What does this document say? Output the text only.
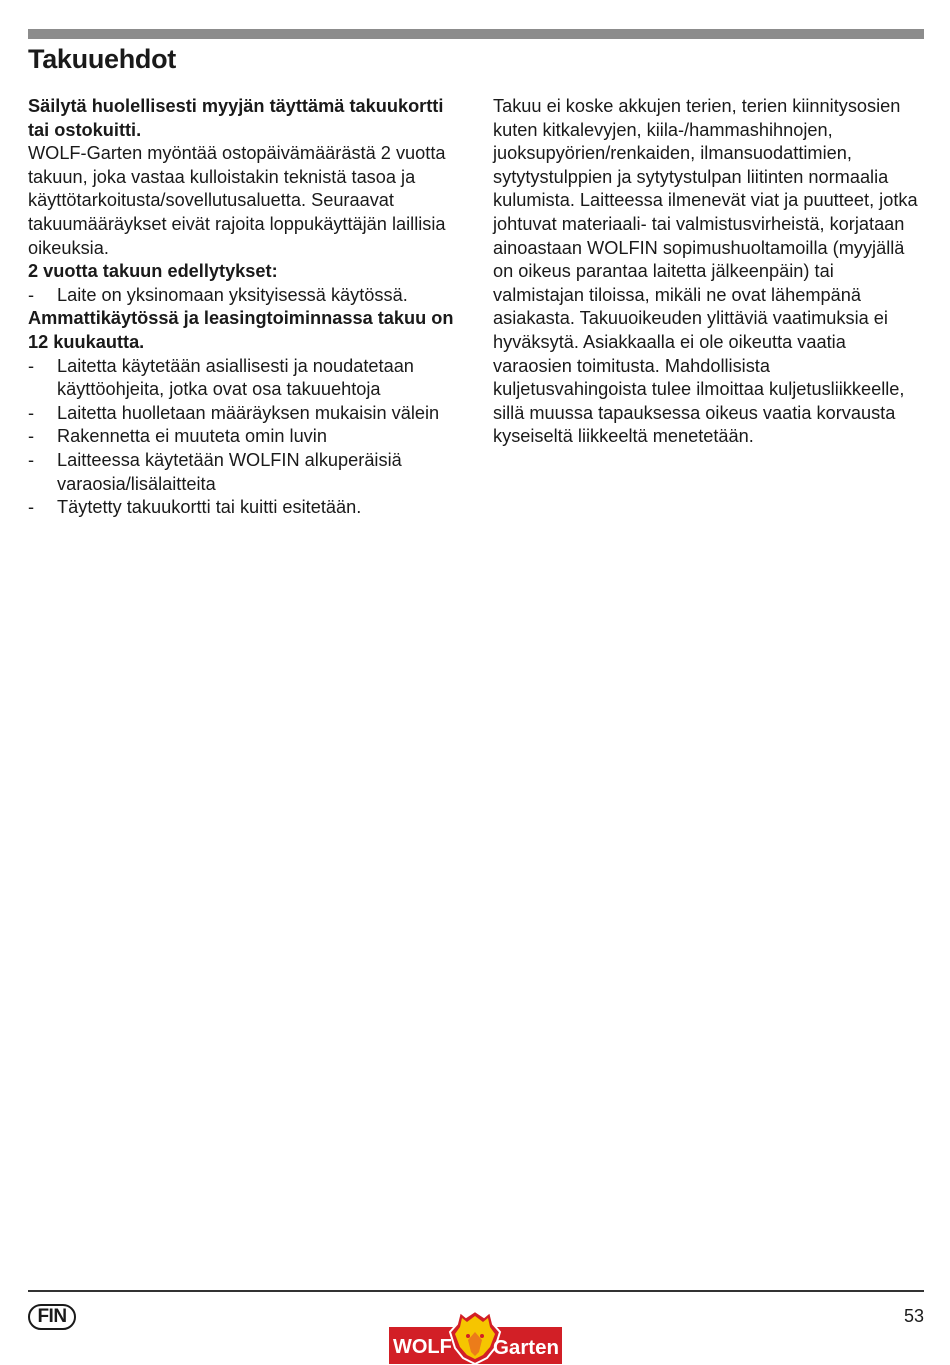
Takuuehdot

Säilytä huolellisesti myyjän täyttämä takuukortti tai ostokuitti.

WOLF-Garten myöntää ostopäivämäärästä 2 vuotta takuun, joka vastaa kulloistakin teknistä tasoa ja käyttötarkoitusta/sovellutusaluetta. Seuraavat takuumääräykset eivät rajoita loppukäyttäjän laillisia oikeuksia.

2 vuotta takuun edellytykset:

-	Laite on yksinomaan yksityisessä käytössä.

Ammattikäytössä ja leasingtoiminnassa takuu on 12 kuukautta.

-	Laitetta käytetään asiallisesti ja noudatetaan käyttöohjeita, jotka ovat osa takuuehtoja
-	Laitetta huolletaan määräyksen mukaisin välein
-	Rakennetta ei muuteta omin luvin
-	Laitteessa käytetään WOLFIN alkuperäisiä varaosia/lisälaitteita
-	Täytetty takuukortti tai kuitti esitetään.

Takuu ei koske akkujen terien, terien kiinnitysosien kuten kitkalevyjen, kiila-/hammashihnojen, juoksupyörien/renkaiden, ilmansuodattimien, sytytystulppien ja sytytystulpan liitinten normaalia kulumista. Laitteessa ilmenevät viat ja puutteet, jotka johtuvat materiaali- tai valmistusvirheistä, korjataan ainoastaan WOLFIN sopimushuoltamoilla (myyjällä on oikeus parantaa laitetta jälkeenpäin) tai valmistajan tiloissa, mikäli ne ovat lähempänä asiakasta. Takuuoikeuden ylittäviä vaatimuksia ei hyväksytä. Asiakkaalla ei ole oikeutta vaatia varaosien toimitusta. Mahdollisista kuljetusvahingoista tulee ilmoittaa kuljetusliikkeelle, sillä muussa tapauksessa oikeus vaatia korvausta kyseiseltä liikkeeltä menetetään.

FIN	53
WOLF Garten
